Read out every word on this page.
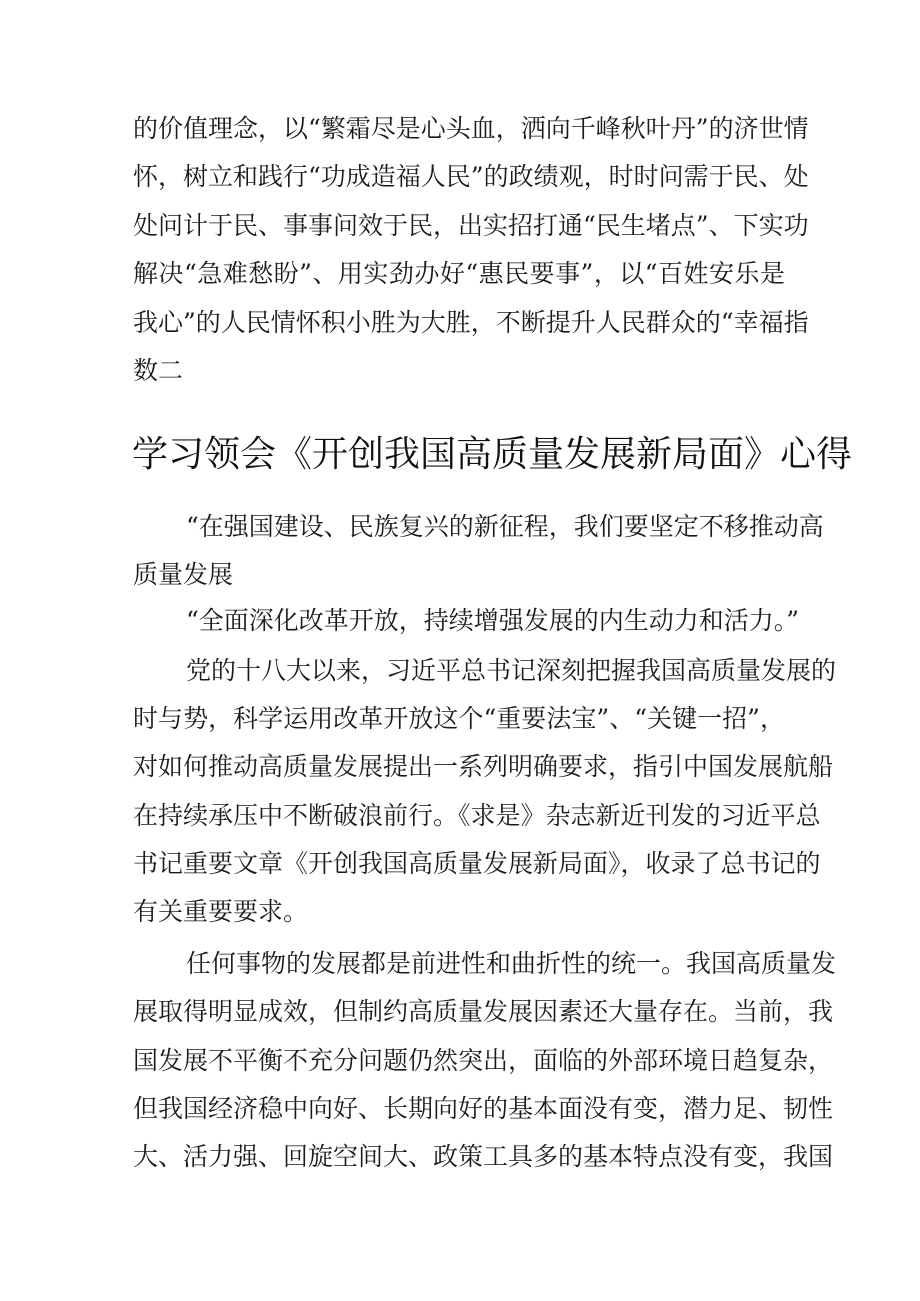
的价值理念，以“繁霜尽是心头血，洒向千峰秋叶丹”的济世情
怀，树立和践行“功成造福人民”的政绩观，时时问需于民、处
处问计于民、事事问效于民，出实招打通“民生堵点”、下实功
解决“急难愁盼”、用实劲办好“惠民要事”，以“百姓安乐是
我心”的人民情怀积小胜为大胜，不断提升人民群众的“幸福指
数二
学习领会《开创我国高质量发展新局面》心得
“在强国建设、民族复兴的新征程，我们要坚定不移推动高
质量发展
“全面深化改革开放，持续增强发展的内生动力和活力。”
党的十八大以来，习近平总书记深刻把握我国高质量发展的
时与势，科学运用改革开放这个“重要法宝”、“关键一招”，
对如何推动高质量发展提出一系列明确要求，指引中国发展航船
在持续承压中不断破浪前行。《求是》杂志新近刊发的习近平总
书记重要文章《开创我国高质量发展新局面》，收录了总书记的
有关重要要求。
任何事物的发展都是前进性和曲折性的统一。我国高质量发
展取得明显成效，但制约高质量发展因素还大量存在。当前，我
国发展不平衡不充分问题仍然突出，面临的外部环境日趋复杂，
但我国经济稳中向好、长期向好的基本面没有变，潜力足、韧性
大、活力强、回旋空间大、政策工具多的基本特点没有变，我国
